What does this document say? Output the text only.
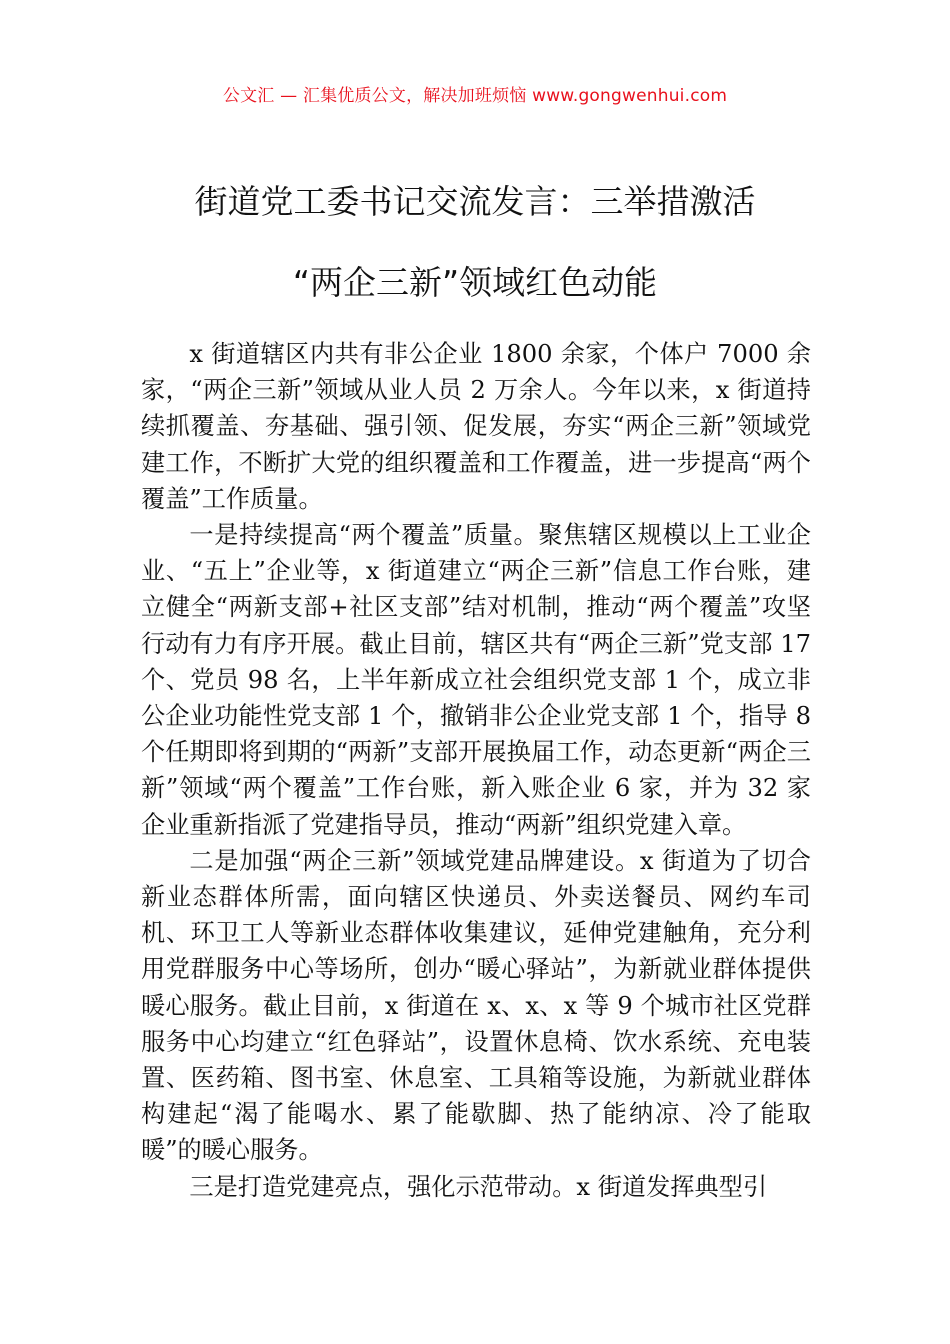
公文汇 — 汇集优质公文，解决加班烦恼 www.gongwenhui.com
街道党工委书记交流发言：三举措激活
“两企三新”领域红色动能

x 街道辖区内共有非公企业 1800 余家，个体户 7000 余家，“两企三新”领域从业人员 2 万余人。今年以来，x 街道持续抓覆盖、夯基础、强引领、促发展，夯实“两企三新”领域党建工作，不断扩大党的组织覆盖和工作覆盖，进一步提高“两个覆盖”工作质量。

一是持续提高“两个覆盖”质量。聚焦辖区规模以上工业企业、“五上”企业等，x 街道建立“两企三新”信息工作台账，建立健全“两新支部+社区支部”结对机制，推动“两个覆盖”攻坚行动有力有序开展。截止目前，辖区共有“两企三新”党支部 17 个、党员 98 名，上半年新成立社会组织党支部 1 个，成立非公企业功能性党支部 1 个，撤销非公企业党支部 1 个，指导 8 个任期即将到期的“两新”支部开展换届工作，动态更新“两企三新”领域“两个覆盖”工作台账，新入账企业 6 家，并为 32 家企业重新指派了党建指导员，推动“两新”组织党建入章。

二是加强“两企三新”领域党建品牌建设。x 街道为了切合新业态群体所需，面向辖区快递员、外卖送餐员、网约车司机、环卫工人等新业态群体收集建议，延伸党建触角，充分利用党群服务中心等场所，创办“暖心驿站”，为新就业群体提供暖心服务。截止目前，x 街道在 x、x、x 等 9 个城市社区党群服务中心均建立“红色驿站”，设置休息椅、饮水系统、充电装置、医药箱、图书室、休息室、工具箱等设施，为新就业群体构建起“渴了能喝水、累了能歇脚、热了能纳凉、冷了能取暖”的暖心服务。

三是打造党建亮点，强化示范带动。x 街道发挥典型引
